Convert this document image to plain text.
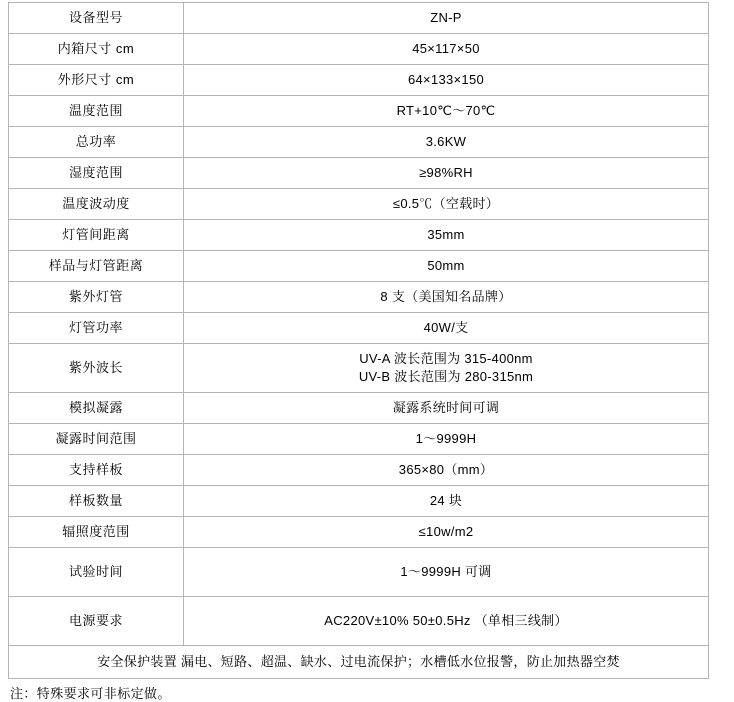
设备型号	ZN-P
内箱尺寸 cm	45×117×50
外形尺寸 cm	64×133×150
温度范围	RT+10℃～70℃
总功率	3.6KW
湿度范围	≥98%RH
温度波动度	≤0.5℃（空载时）
灯管间距离	35mm
样品与灯管距离	50mm
紫外灯管	8 支（美国知名品牌）
灯管功率	40W/支
紫外波长	UV-A 波长范围为 315-400nm
UV-B 波长范围为 280-315nm

模拟凝露	凝露系统时间可调
凝露时间范围	1～9999H
支持样板	365×80（mm）
样板数量	24 块
辐照度范围	≤10w/m2
试验时间	1～9999H 可调
电源要求	AC220V±10% 50±0.5Hz （单相三线制）
安全保护装置 漏电、短路、超温、缺水、过电流保护；水槽低水位报警，防止加热器空焚	
注：特殊要求可非标定做。
